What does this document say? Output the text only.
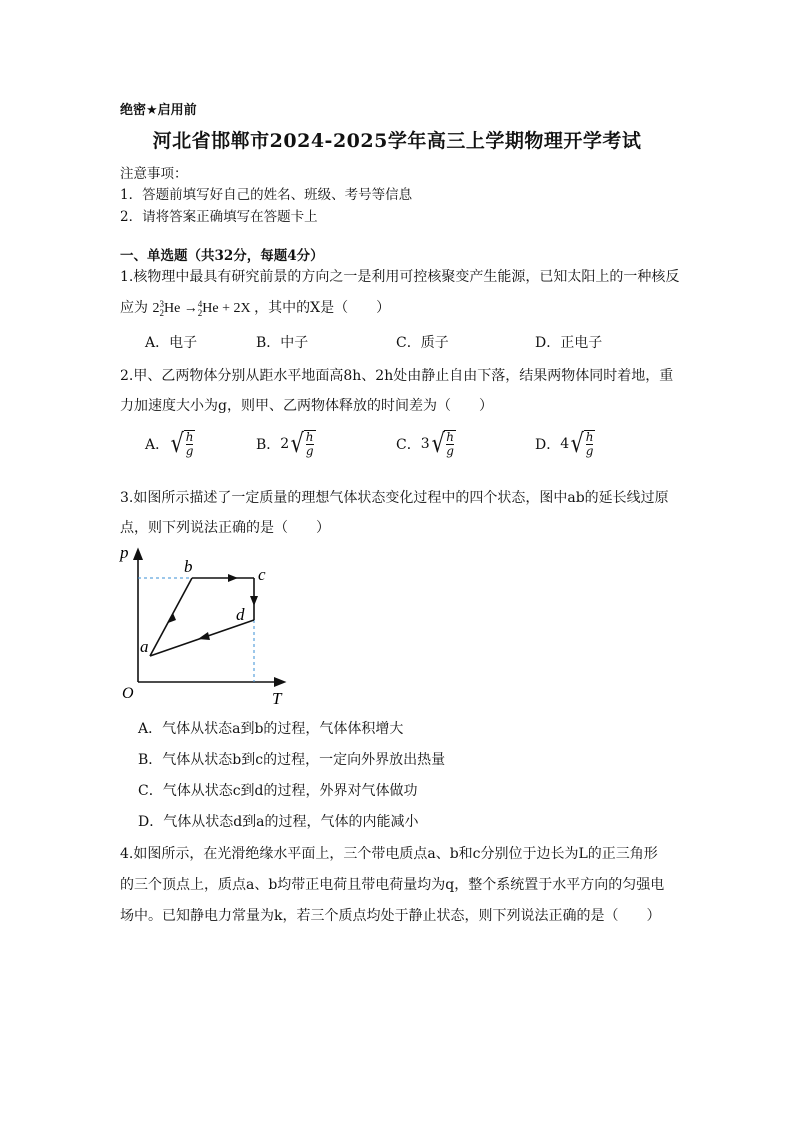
绝密★启用前
河北省邯郸市2024-2025学年高三上学期物理开学考试
注意事项：
1．答题前填写好自己的姓名、班级、考号等信息
2．请将答案正确填写在答题卡上
一、单选题（共32分，每题4分）
1.核物理中最具有研究前景的方向之一是利用可控核聚变产生能源，已知太阳上的一种核反
应为 2 3
2 He → 4
2 He + 2X ，其中的X是（　　）
A．电子	B．中子	C．质子	D．正电子
2.甲、乙两物体分别从距水平地面高8h、2h处由静止自由下落，结果两物体同时着地，重
力加速度大小为g，则甲、乙两物体释放的时间差为（　　）
A． √ h
g	B．2 √ h
g	C．3 √ h
g	D．4 √ h
g
3.如图所示描述了一定质量的理想气体状态变化过程中的四个状态，图中ab的延长线过原
点，则下列说法正确的是（　　）
p
T
O
a
b	c
d
A．气体从状态a到b的过程，气体体积增大
B．气体从状态b到c的过程，一定向外界放出热量
C．气体从状态c到d的过程，外界对气体做功
D．气体从状态d到a的过程，气体的内能减小
4.如图所示，在光滑绝缘水平面上，三个带电质点a、b和c分别位于边长为L的正三角形
的三个顶点上，质点a、b均带正电荷且带电荷量均为q，整个系统置于水平方向的匀强电
场中。已知静电力常量为k，若三个质点均处于静止状态，则下列说法正确的是（　　）
